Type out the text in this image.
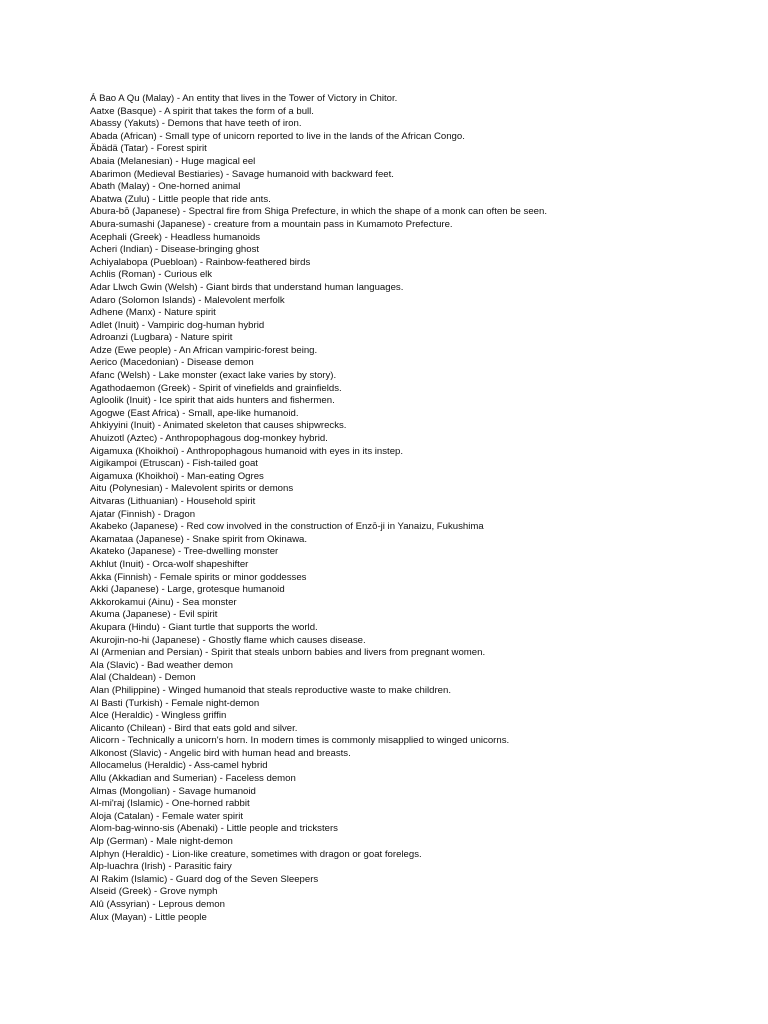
Á Bao A Qu (Malay) - An entity that lives in the Tower of Victory in Chitor.
Aatxe (Basque) - A spirit that takes the form of a bull.
Abassy (Yakuts) - Demons that have teeth of iron.
Abada (African) - Small type of unicorn reported to live in the lands of the African Congo.
Äbädä (Tatar) - Forest spirit
Abaia (Melanesian) - Huge magical eel
Abarimon (Medieval Bestiaries) - Savage humanoid with backward feet.
Abath (Malay) - One-horned animal
Abatwa (Zulu) - Little people that ride ants.
Abura-bō (Japanese) - Spectral fire from Shiga Prefecture, in which the shape of a monk can often be seen.
Abura-sumashi (Japanese) - creature from a mountain pass in Kumamoto Prefecture.
Acephali (Greek) - Headless humanoids
Acheri (Indian) - Disease-bringing ghost
Achiyalabopa (Puebloan) - Rainbow-feathered birds
Achlis (Roman) - Curious elk
Adar Llwch Gwin (Welsh) - Giant birds that understand human languages.
Adaro (Solomon Islands) - Malevolent merfolk
Adhene (Manx) - Nature spirit
Adlet (Inuit) - Vampiric dog-human hybrid
Adroanzi (Lugbara) - Nature spirit
Adze (Ewe people) - An African vampiric-forest being.
Aerico (Macedonian) - Disease demon
Afanc (Welsh) - Lake monster (exact lake varies by story).
Agathodaemon (Greek) - Spirit of vinefields and grainfields.
Agloolik (Inuit) - Ice spirit that aids hunters and fishermen.
Agogwe (East Africa) - Small, ape-like humanoid.
Ahkiyyini (Inuit) - Animated skeleton that causes shipwrecks.
Ahuizotl (Aztec) - Anthropophagous dog-monkey hybrid.
Aigamuxa (Khoikhoi) - Anthropophagous humanoid with eyes in its instep.
Aigikampoi (Etruscan) - Fish-tailed goat
Aigamuxa (Khoikhoi) - Man-eating Ogres
Aitu (Polynesian) - Malevolent spirits or demons
Aitvaras (Lithuanian) - Household spirit
Ajatar (Finnish) - Dragon
Akabeko (Japanese) - Red cow involved in the construction of Enzō-ji in Yanaizu, Fukushima
Akamataa (Japanese) - Snake spirit from Okinawa.
Akateko (Japanese) - Tree-dwelling monster
Akhlut (Inuit) - Orca-wolf shapeshifter
Akka (Finnish) - Female spirits or minor goddesses
Akki (Japanese) - Large, grotesque humanoid
Akkorokamui (Ainu) - Sea monster
Akuma (Japanese) - Evil spirit
Akupara (Hindu) - Giant turtle that supports the world.
Akurojin-no-hi (Japanese) - Ghostly flame which causes disease.
Al (Armenian and Persian) - Spirit that steals unborn babies and livers from pregnant women.
Ala (Slavic) - Bad weather demon
Alal (Chaldean) - Demon
Alan (Philippine) - Winged humanoid that steals reproductive waste to make children.
Al Basti (Turkish) - Female night-demon
Alce (Heraldic) - Wingless griffin
Alicanto (Chilean) - Bird that eats gold and silver.
Alicorn - Technically a unicorn's horn. In modern times is commonly misapplied to winged unicorns.
Alkonost (Slavic) - Angelic bird with human head and breasts.
Allocamelus (Heraldic) - Ass-camel hybrid
Allu (Akkadian and Sumerian) - Faceless demon
Almas (Mongolian) - Savage humanoid
Al-mi'raj (Islamic) - One-horned rabbit
Aloja (Catalan) - Female water spirit
Alom-bag-winno-sis (Abenaki) - Little people and tricksters
Alp (German) - Male night-demon
Alphyn (Heraldic) - Lion-like creature, sometimes with dragon or goat forelegs.
Alp-luachra (Irish) - Parasitic fairy
Al Rakim (Islamic) - Guard dog of the Seven Sleepers
Alseid (Greek) - Grove nymph
Alû (Assyrian) - Leprous demon
Alux (Mayan) - Little people
